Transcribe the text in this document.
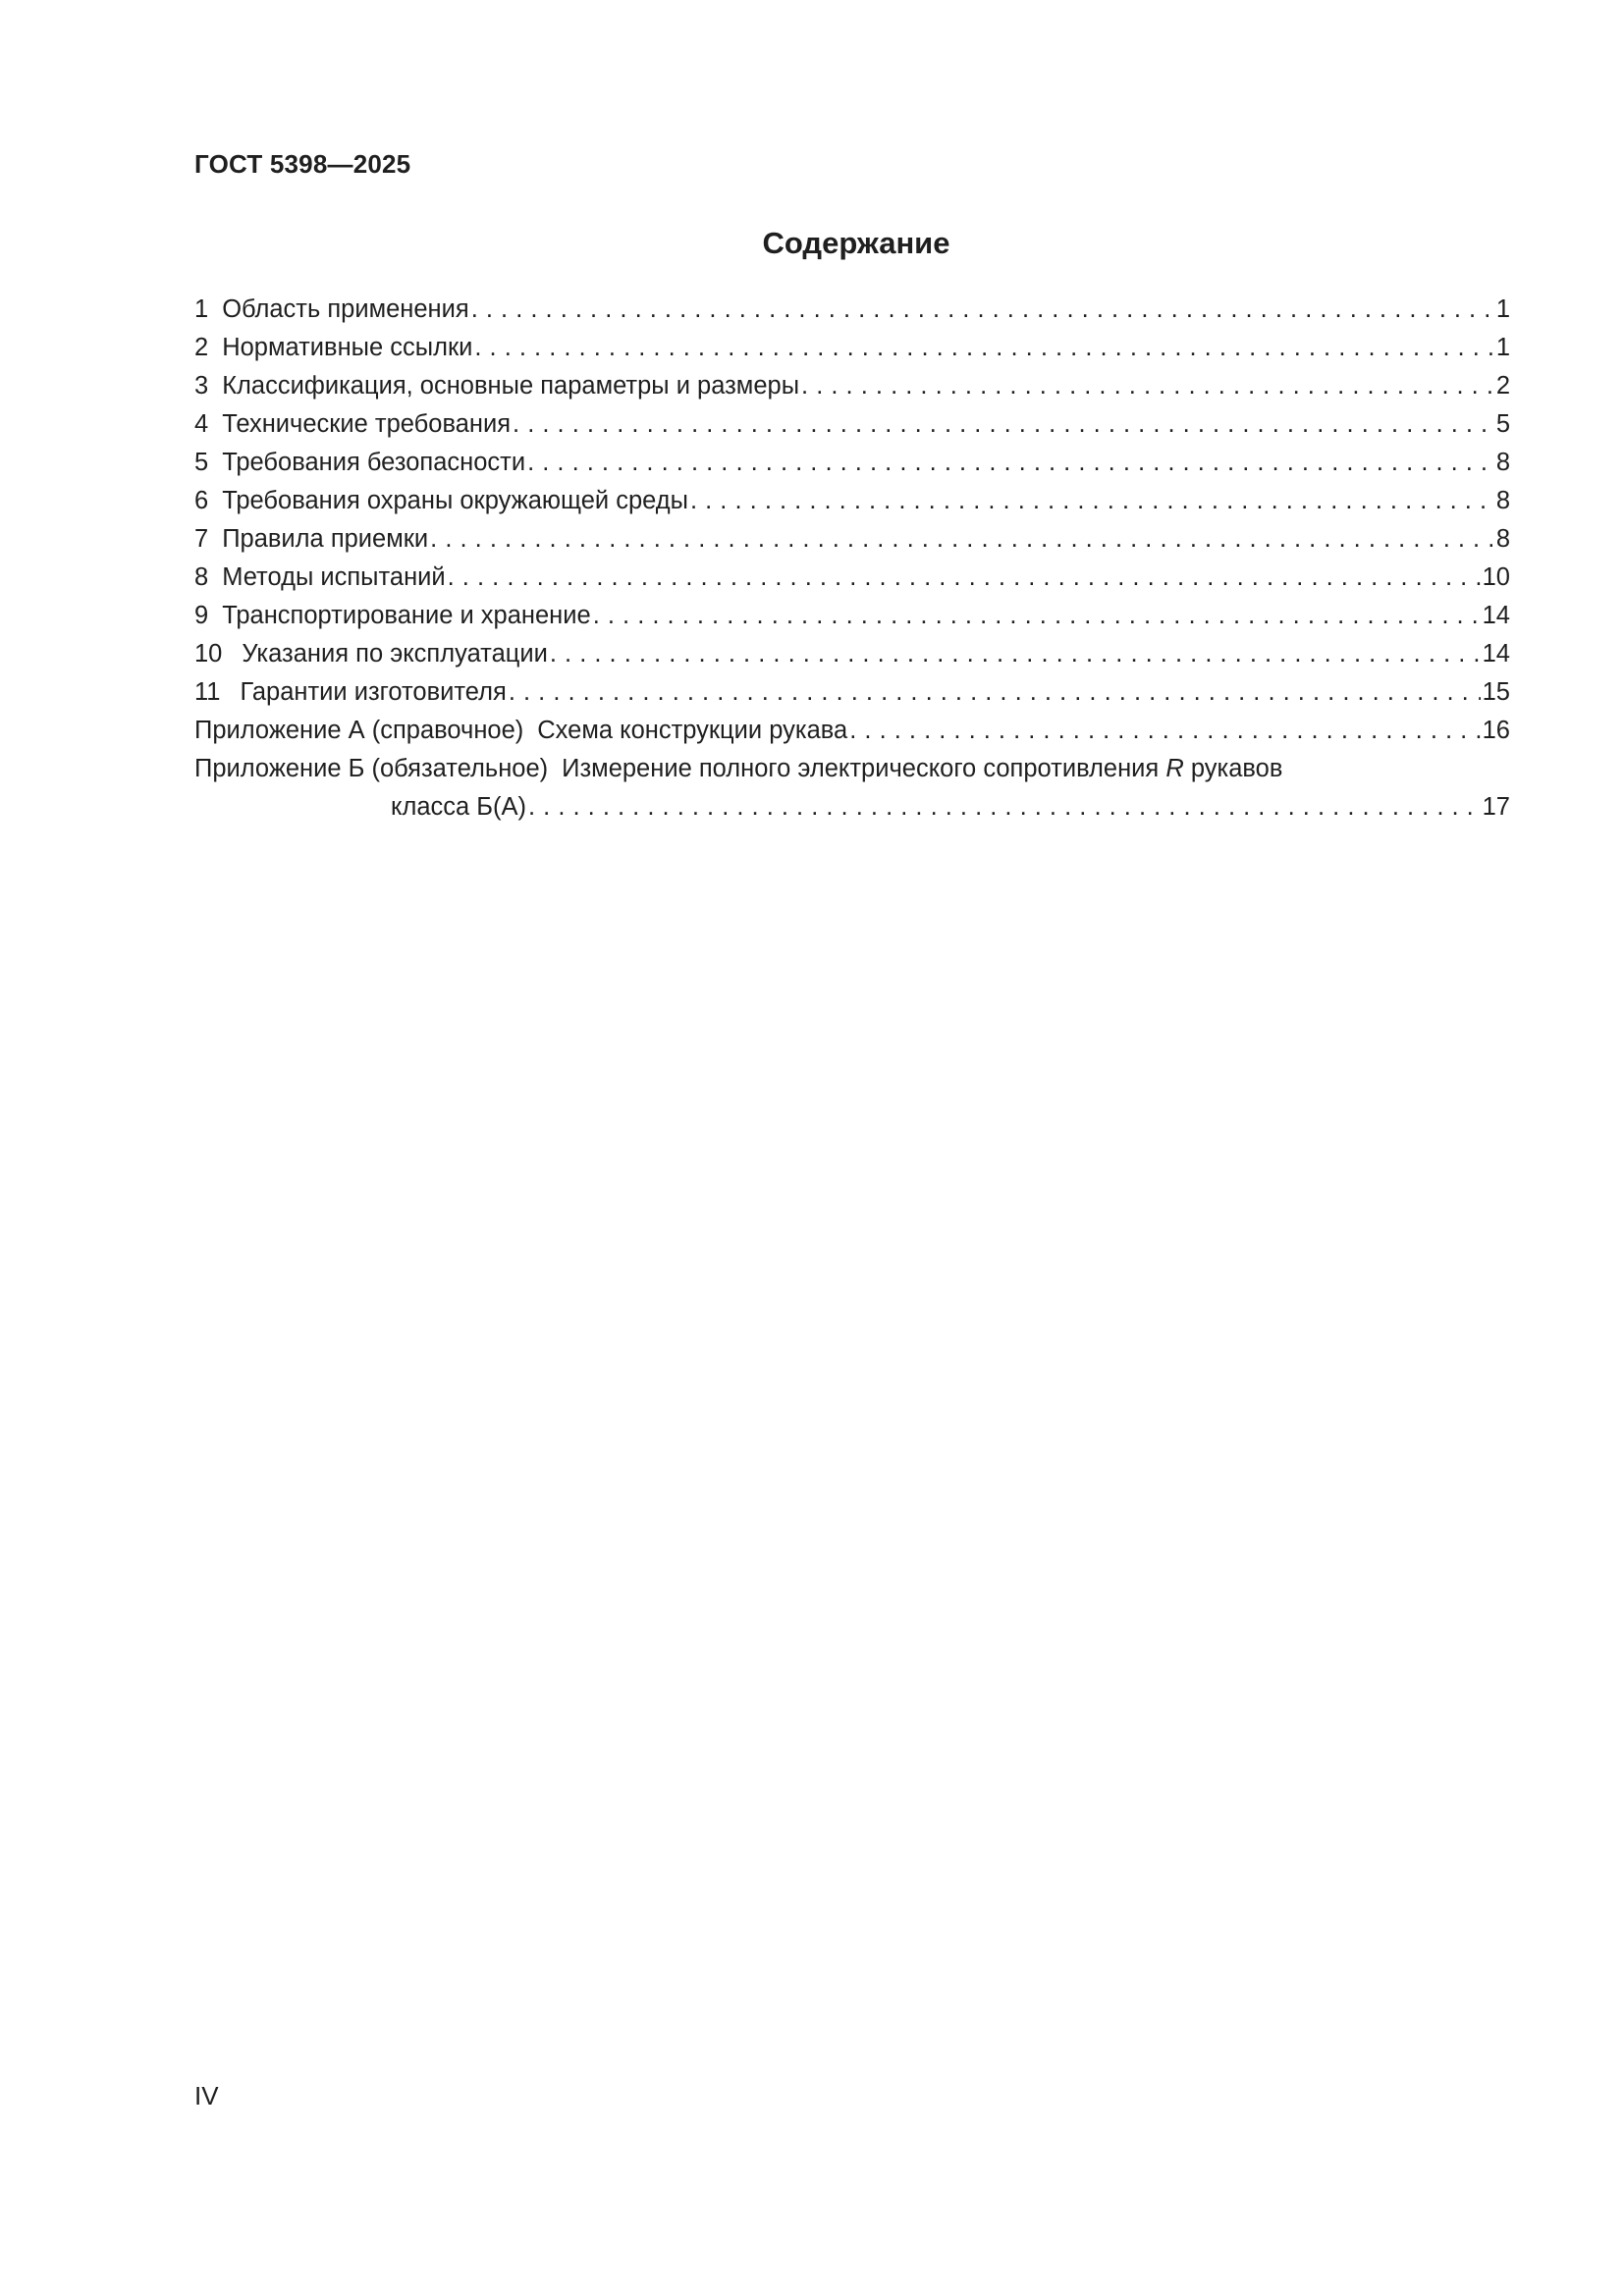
ГОСТ 5398—2025
Содержание
1 Область применения . . .	1
2 Нормативные ссылки . . .	1
3 Классификация, основные параметры и размеры . . .	2
4 Технические требования . . .	5
5 Требования безопасности . . .	8
6 Требования охраны окружающей среды . . .	8
7 Правила приемки . . .	8
8 Методы испытаний . . .	10
9 Транспортирование и хранение . . .	14
10 Указания по эксплуатации . . .	14
11 Гарантии изготовителя . . .	15
Приложение А (справочное) Схема конструкции рукава . . .	16
Приложение Б (обязательное) Измерение полного электрического сопротивления R рукавов
класса Б(А) . . .	17
IV
